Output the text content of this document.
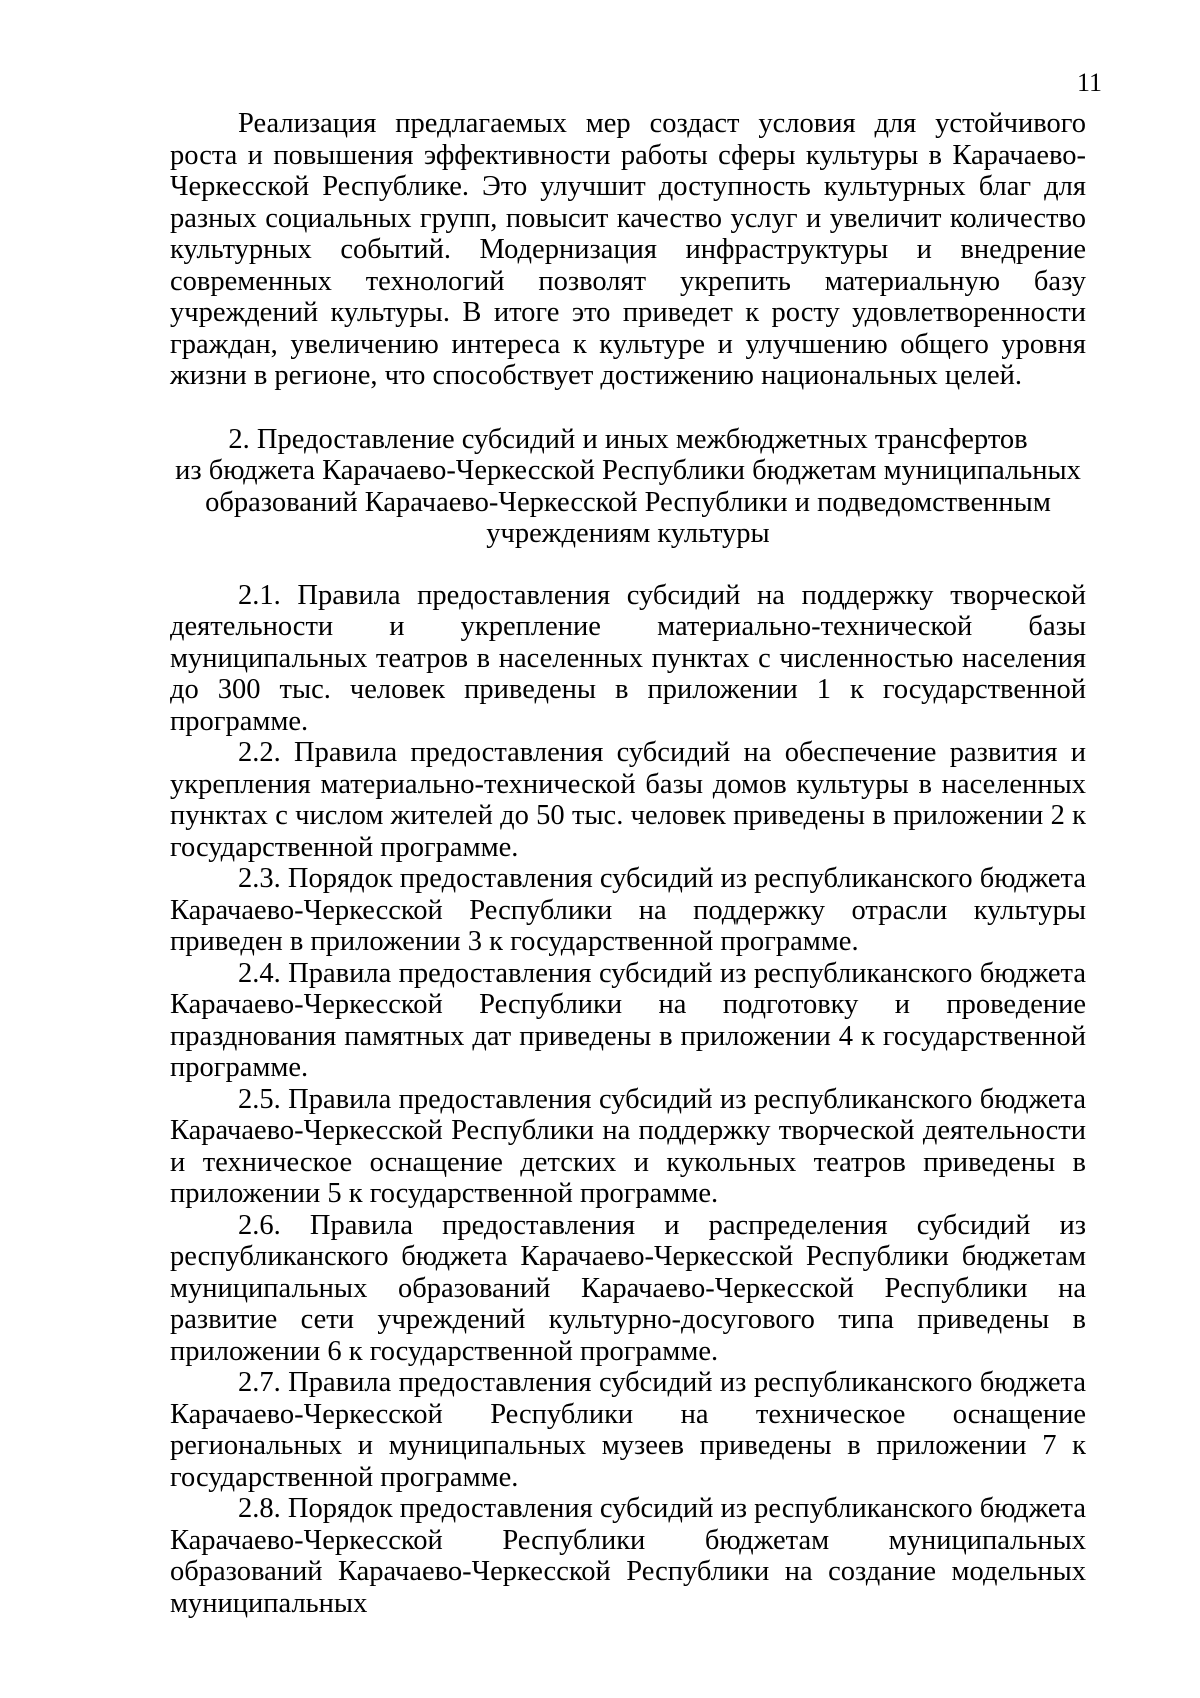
11

Реализация предлагаемых мер создаст условия для устойчивого роста и повышения эффективности работы сферы культуры в Карачаево-Черкесской Республике. Это улучшит доступность культурных благ для разных социальных групп, повысит качество услуг и увеличит количество культурных событий. Модернизация инфраструктуры и внедрение современных технологий позволят укрепить материальную базу учреждений культуры. В итоге это приведет к росту удовлетворенности граждан, увеличению интереса к культуре и улучшению общего уровня жизни в регионе, что способствует достижению национальных целей.

2. Предоставление субсидий и иных межбюджетных трансфертов
из бюджета Карачаево-Черкесской Республики бюджетам муниципальных
образований Карачаево-Черкесской Республики и подведомственным
учреждениям культуры

2.1. Правила предоставления субсидий на поддержку творческой деятельности и укрепление материально-технической базы муниципальных театров в населенных пунктах с численностью населения до 300 тыс. человек приведены в приложении 1 к государственной программе.

2.2. Правила предоставления субсидий на обеспечение развития и укрепления материально-технической базы домов культуры в населенных пунктах с числом жителей до 50 тыс. человек приведены в приложении 2 к государственной программе.

2.3. Порядок предоставления субсидий из республиканского бюджета Карачаево-Черкесской Республики на поддержку отрасли культуры приведен в приложении 3 к государственной программе.

2.4. Правила предоставления субсидий из республиканского бюджета Карачаево-Черкесской Республики на подготовку и проведение празднования памятных дат приведены в приложении 4 к государственной программе.

2.5. Правила предоставления субсидий из республиканского бюджета Карачаево-Черкесской Республики на поддержку творческой деятельности и техническое оснащение детских и кукольных театров приведены в приложении 5 к государственной программе.

2.6. Правила предоставления и распределения субсидий из республиканского бюджета Карачаево-Черкесской Республики бюджетам муниципальных образований Карачаево-Черкесской Республики на развитие сети учреждений культурно-досугового типа приведены в приложении 6 к государственной программе.

2.7. Правила предоставления субсидий из республиканского бюджета Карачаево-Черкесской Республики на техническое оснащение региональных и муниципальных музеев приведены в приложении 7 к государственной программе.

2.8. Порядок предоставления субсидий из республиканского бюджета Карачаево-Черкесской Республики бюджетам муниципальных образований Карачаево-Черкесской Республики на создание модельных муниципальных
